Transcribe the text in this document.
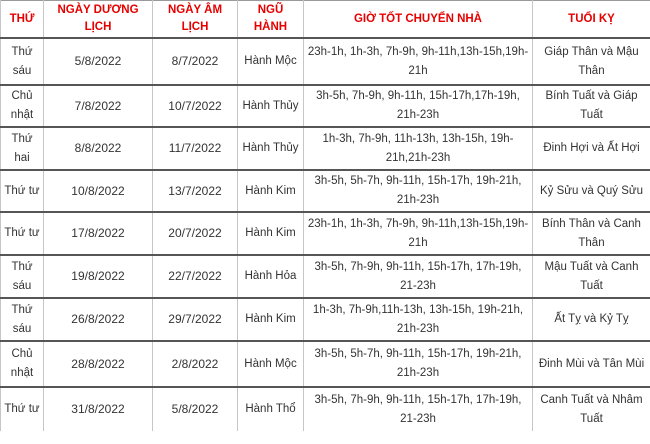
THỨ	NGÀY DƯƠNG LỊCH	NGÀY ÂM LỊCH	NGŨ HÀNH	GIỜ TỐT CHUYỂN NHÀ	TUỔI KỴ
Thứ sáu	5/8/2022	8/7/2022	Hành Mộc	23h-1h, 1h-3h, 7h-9h, 9h-11h,13h-15h,19h-21h	Giáp Thân và Mậu Thân
Chủ nhật	7/8/2022	10/7/2022	Hành Thủy	3h-5h, 7h-9h, 9h-11h, 15h-17h,17h-19h, 21h-23h	Bính Tuất và Giáp Tuất
Thứ hai	8/8/2022	11/7/2022	Hành Thủy	1h-3h, 7h-9h, 11h-13h, 13h-15h, 19h-21h,21h-23h	Đinh Hợi và Ất Hợi
Thứ tư	10/8/2022	13/7/2022	Hành Kim	3h-5h, 5h-7h, 9h-11h, 15h-17h, 19h-21h, 21h-23h	Kỷ Sửu và Quý Sửu
Thứ tư	17/8/2022	20/7/2022	Hành Kim	23h-1h, 1h-3h, 7h-9h, 9h-11h,13h-15h,19h-21h	Bính Thân và Canh Thân
Thứ sáu	19/8/2022	22/7/2022	Hành Hỏa	3h-5h, 7h-9h, 9h-11h, 15h-17h, 17h-19h, 21-23h	Mậu Tuất và Canh Tuất
Thứ sáu	26/8/2022	29/7/2022	Hành Kim	1h-3h, 7h-9h,11h-13h, 13h-15h, 19h-21h, 21h-23h	Ất Tỵ và Kỷ Tỵ
Chủ nhật	28/8/2022	2/8/2022	Hành Mộc	3h-5h, 5h-7h, 9h-11h, 15h-17h, 19h-21h, 21h-23h	Đinh Mùi và Tân Mùi
Thứ tư	31/8/2022	5/8/2022	Hành Thổ	3h-5h, 7h-9h, 9h-11h, 15h-17h, 17h-19h, 21-23h	Canh Tuất và Nhâm Tuất
